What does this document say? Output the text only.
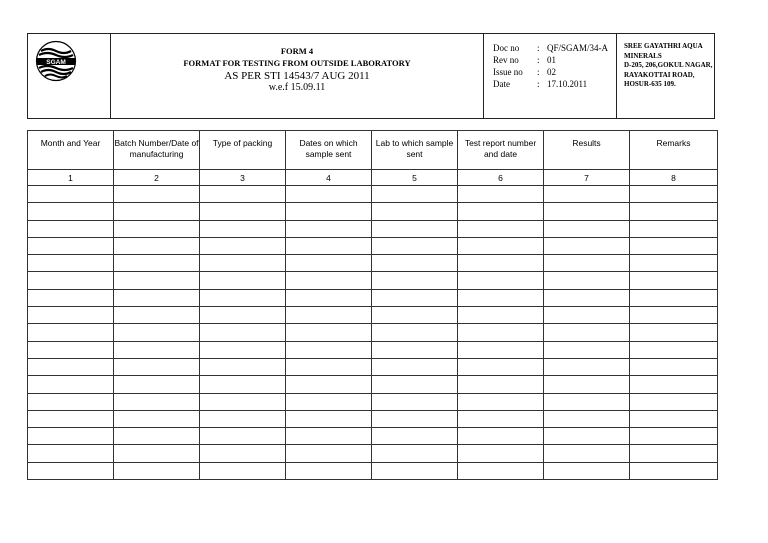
SGAM
FORM 4
FORMAT FOR TESTING FROM OUTSIDE LABORATORY
AS PER STI 14543/7 AUG 2011
w.e.f 15.09.11
Doc no : QF/SGAM/34-A
Rev no : 01
Issue no : 02
Date	: 17.10.2011
SREE GAYATHRI AQUA
MINERALS
D-205, 206,GOKUL NAGAR,
RAYAKOTTAI ROAD,
HOSUR-635 109.
Month and Year	Batch Number/Date of manufacturing	Type of packing	Dates on which sample sent	Lab to which sample sent	Test report number and date	Results	Remarks
1	2	3	4	5	6	7	8
